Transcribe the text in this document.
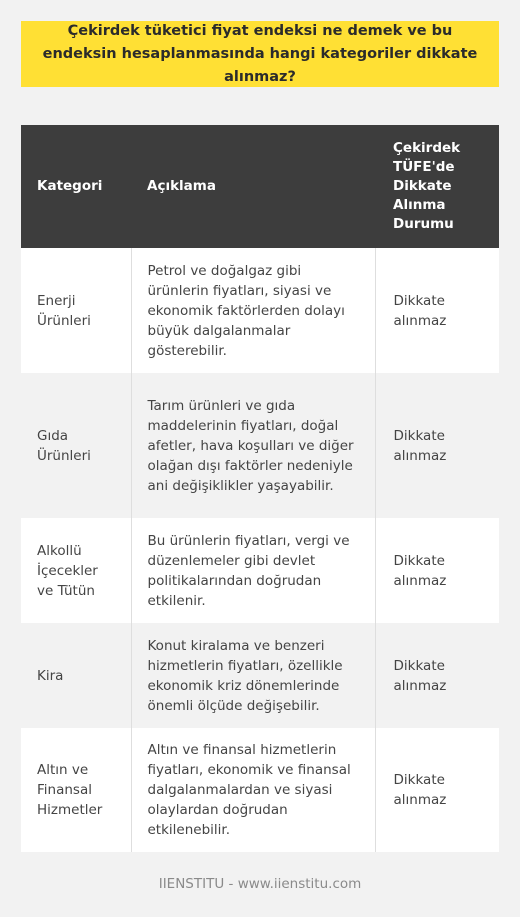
Çekirdek tüketici fiyat endeksi ne demek ve bu endeksin hesaplanmasında hangi kategoriler dikkate alınmaz?
Kategori	Açıklama	Çekirdek TÜFE'de Dikkate Alınma Durumu
Enerji Ürünleri	Petrol ve doğalgaz gibi ürünlerin fiyatları, siyasi ve ekonomik faktörlerden dolayı büyük dalgalanmalar gösterebilir.	Dikkate alınmaz
Gıda Ürünleri	Tarım ürünleri ve gıda maddelerinin fiyatları, doğal afetler, hava koşulları ve diğer olağan dışı faktörler nedeniyle ani değişiklikler yaşayabilir.	Dikkate alınmaz
Alkollü İçecekler ve Tütün	Bu ürünlerin fiyatları, vergi ve düzenlemeler gibi devlet politikalarından doğrudan etkilenir.	Dikkate alınmaz
Kira	Konut kiralama ve benzeri hizmetlerin fiyatları, özellikle ekonomik kriz dönemlerinde önemli ölçüde değişebilir.	Dikkate alınmaz
Altın ve Finansal Hizmetler	Altın ve finansal hizmetlerin fiyatları, ekonomik ve finansal dalgalanmalardan ve siyasi olaylardan doğrudan etkilenebilir.	Dikkate alınmaz
IIENSTITU - www.iienstitu.com
